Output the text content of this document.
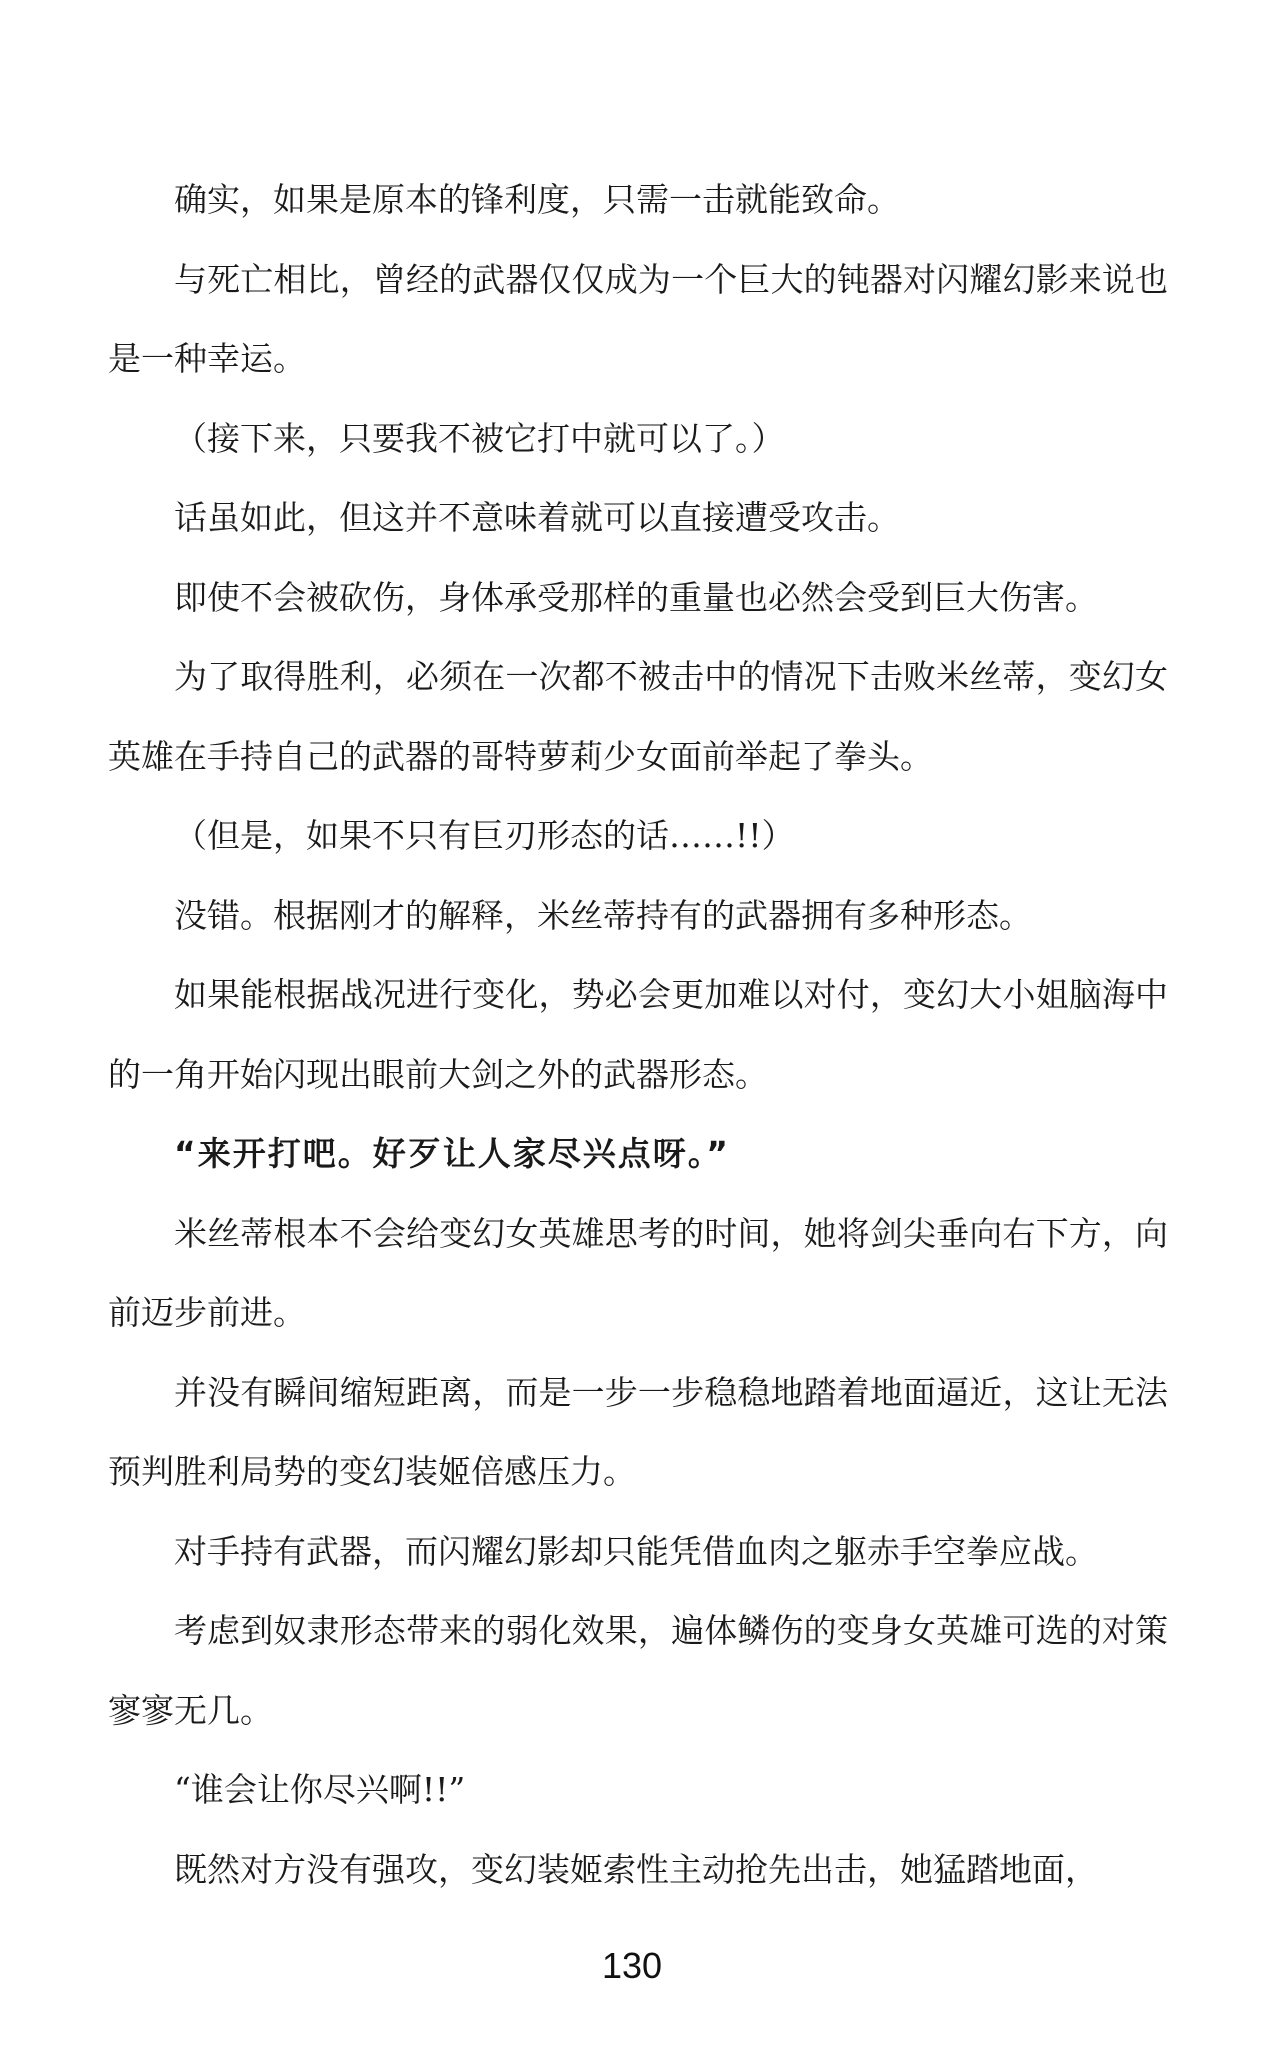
确实，如果是原本的锋利度，只需一击就能致命。

与死亡相比，曾经的武器仅仅成为一个巨大的钝器对闪耀幻影来说也是一种幸运。

（接下来，只要我不被它打中就可以了。）

话虽如此，但这并不意味着就可以直接遭受攻击。

即使不会被砍伤，身体承受那样的重量也必然会受到巨大伤害。

为了取得胜利，必须在一次都不被击中的情况下击败米丝蒂，变幻女英雄在手持自己的武器的哥特萝莉少女面前举起了拳头。

（但是，如果不只有巨刃形态的话……!!）

没错。根据刚才的解释，米丝蒂持有的武器拥有多种形态。

如果能根据战况进行变化，势必会更加难以对付，变幻大小姐脑海中的一角开始闪现出眼前大剑之外的武器形态。

“来开打吧。好歹让人家尽兴点呀。”

米丝蒂根本不会给变幻女英雄思考的时间，她将剑尖垂向右下方，向前迈步前进。

并没有瞬间缩短距离，而是一步一步稳稳地踏着地面逼近，这让无法预判胜利局势的变幻装姬倍感压力。

对手持有武器，而闪耀幻影却只能凭借血肉之躯赤手空拳应战。

考虑到奴隶形态带来的弱化效果，遍体鳞伤的变身女英雄可选的对策寥寥无几。

“谁会让你尽兴啊!!”

既然对方没有强攻，变幻装姬索性主动抢先出击，她猛踏地面，

130
